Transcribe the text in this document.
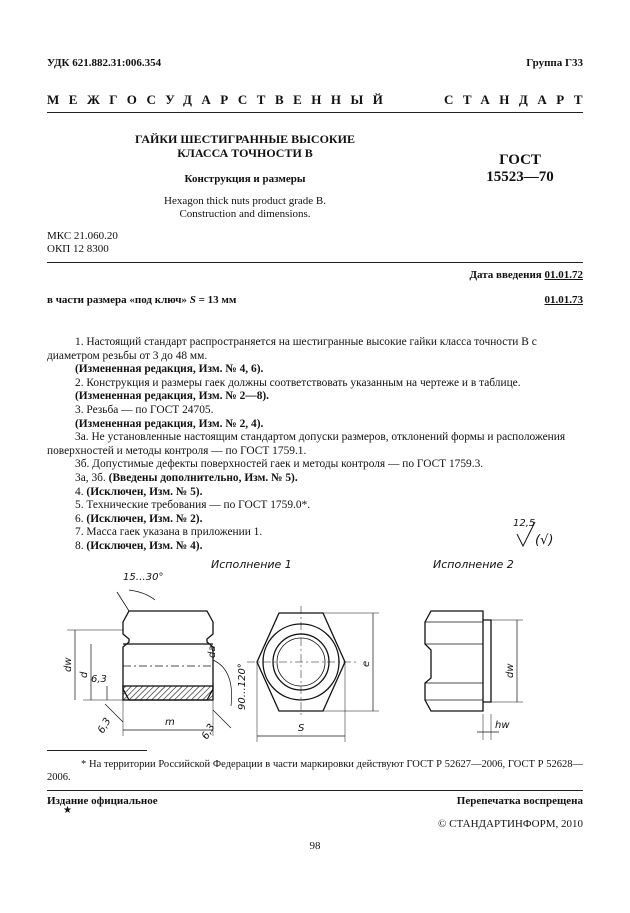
УДК 621.882.31:006.354	Группа Г33
МЕЖГОСУДАРСТВЕННЫЙ	СТАНДАРТ
ГАЙКИ ШЕСТИГРАННЫЕ ВЫСОКИЕ
КЛАССА ТОЧНОСТИ В
Конструкция и размеры
Hexagon thick nuts product grade B.
Construction and dimensions.
ГОСТ
15523—70
МКС 21.060.20
ОКП 12 8300
Дата введения 01.01.72
в части размера «под ключ» S = 13 мм	01.01.73

1. Настоящий стандарт распространяется на шестигранные высокие гайки класса точности В с диаметром резьбы от 3 до 48 мм.

(Измененная редакция, Изм. № 4, 6).

2. Конструкция и размеры гаек должны соответствовать указанным на чертеже и в таблице.

(Измененная редакция, Изм. № 2—8).

3. Резьба — по ГОСТ 24705.

(Измененная редакция, Изм. № 2, 4).

3а. Не установленные настоящим стандартом допуски размеров, отклонений формы и расположения поверхностей и методы контроля — по ГОСТ 1759.1.

3б. Допустимые дефекты поверхностей гаек и методы контроля — по ГОСТ 1759.3.

3а, 3б. (Введены дополнительно, Изм. № 5).

4. (Исключен, Изм. № 5).

5. Технические требования — по ГОСТ 1759.0*.

6. (Исключен, Изм. № 2).

7. Масса гаек указана в приложении 1.

8. (Исключен, Изм. № 4).

12,5
(√)
Исполнение 1	Исполнение 2
15…30°
dw
d 6,3
6,3	6,3
m
90…120°
da
S
e	dw
hw
* На территории Российской Федерации в части маркировки действуют ГОСТ Р 52627—2006, ГОСТ Р 52628—2006.
Издание официальное
★
Перепечатка воспрещена
© СТАНДАРТИНФОРМ, 2010
98
